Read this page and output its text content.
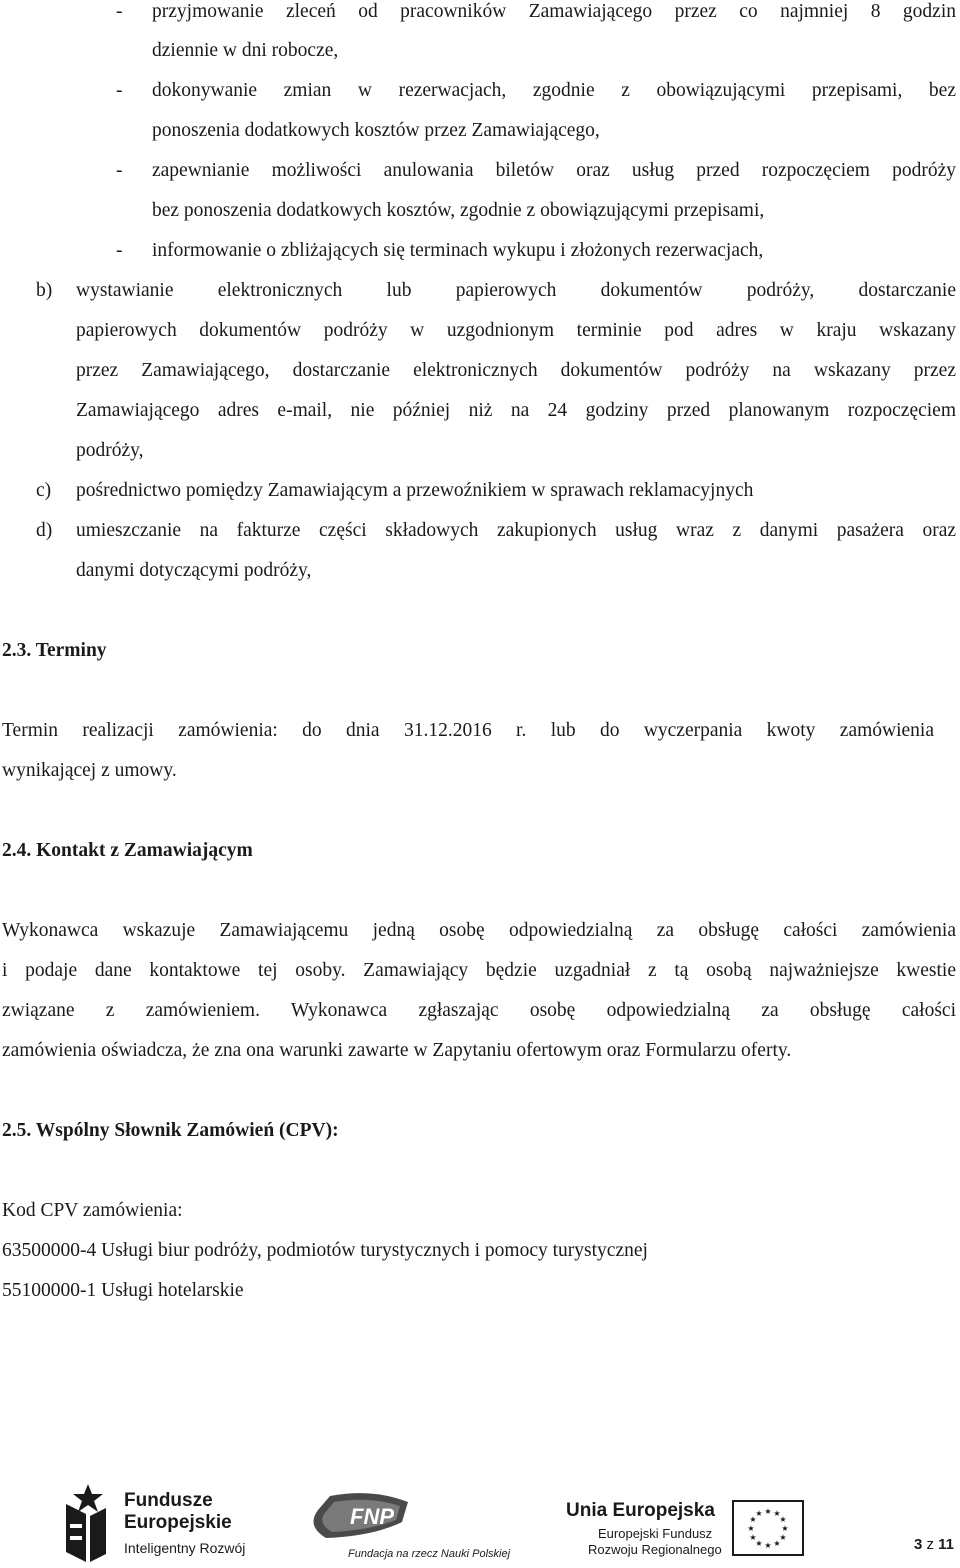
- przyjmowanie zleceń od pracowników Zamawiającego przez co najmniej 8 godzin
dziennie w dni robocze,
- dokonywanie zmian w rezerwacjach, zgodnie z obowiązującymi przepisami, bez
ponoszenia dodatkowych kosztów przez Zamawiającego,
- zapewnianie możliwości anulowania biletów oraz usług przed rozpoczęciem podróży
bez ponoszenia dodatkowych kosztów, zgodnie z obowiązującymi przepisami,
- informowanie o zbliżających się terminach wykupu i złożonych rezerwacjach,
b) wystawianie elektronicznych lub papierowych dokumentów podróży, dostarczanie
papierowych dokumentów podróży w uzgodnionym terminie pod adres w kraju wskazany
przez Zamawiającego, dostarczanie elektronicznych dokumentów podróży na wskazany przez
Zamawiającego adres e-mail, nie później niż na 24 godziny przed planowanym rozpoczęciem
podróży,
c) pośrednictwo pomiędzy Zamawiającym a przewoźnikiem w sprawach reklamacyjnych
d) umieszczanie na fakturze części składowych zakupionych usług wraz z danymi pasażera oraz
danymi dotyczącymi podróży,
2.3. Terminy
Termin realizacji zamówienia: do dnia 31.12.2016 r. lub do wyczerpania kwoty zamówienia
wynikającej z umowy.
2.4. Kontakt z Zamawiającym
Wykonawca wskazuje Zamawiającemu jedną osobę odpowiedzialną za obsługę całości zamówienia
i podaje dane kontaktowe tej osoby. Zamawiający będzie uzgadniał z tą osobą najważniejsze kwestie
związane z zamówieniem. Wykonawca zgłaszając osobę odpowiedzialną za obsługę całości
zamówienia oświadcza, że zna ona warunki zawarte w Zapytaniu ofertowym oraz Formularzu oferty.
2.5. Wspólny Słownik Zamówień (CPV):
Kod CPV zamówienia:
63500000-4 Usługi biur podróży, podmiotów turystycznych i pomocy turystycznej
55100000-1 Usługi hotelarskie
Fundusze
Europejskie
Inteligentny Rozwój
FNP
Fundacja na rzecz Nauki Polskiej
Unia Europejska
Europejski Fundusz
Rozwoju Regionalnego
★ ★
★
★
★
★
★
★
★
★
★
★
3 z 11
